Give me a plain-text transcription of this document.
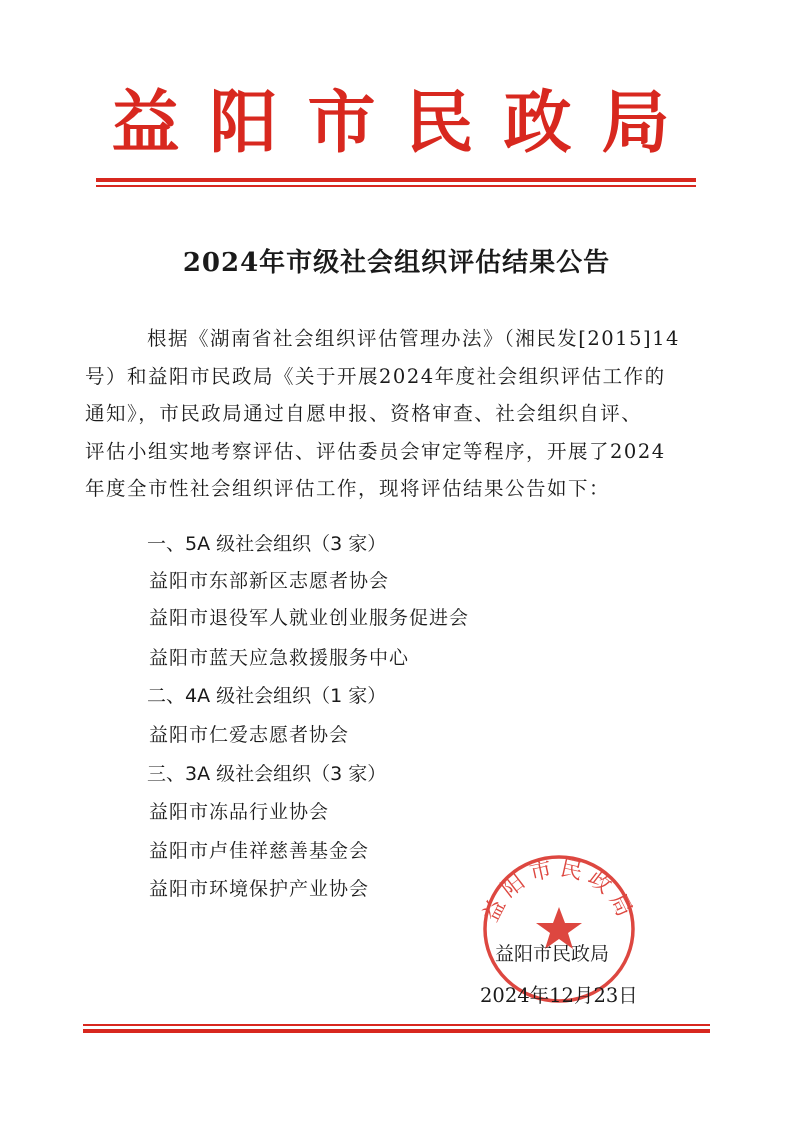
益阳市民政局
2024年市级社会组织评估结果公告
根据《湖南省社会组织评估管理办法》（湘民发[2015]14
号）和益阳市民政局《关于开展2024年度社会组织评估工作的
通知》，市民政局通过自愿申报、资格审查、社会组织自评、
评估小组实地考察评估、评估委员会审定等程序，开展了2024
年度全市性社会组织评估工作，现将评估结果公告如下：
一、5A 级社会组织（3 家）
益阳市东部新区志愿者协会
益阳市退役军人就业创业服务促进会
益阳市蓝天应急救援服务中心
二、4A 级社会组织（1 家）
益阳市仁爱志愿者协会
三、3A 级社会组织（3 家）
益阳市冻品行业协会
益阳市卢佳祥慈善基金会
益阳市环境保护产业协会
益阳市民政局
益阳市民政局
2024年12月23日
